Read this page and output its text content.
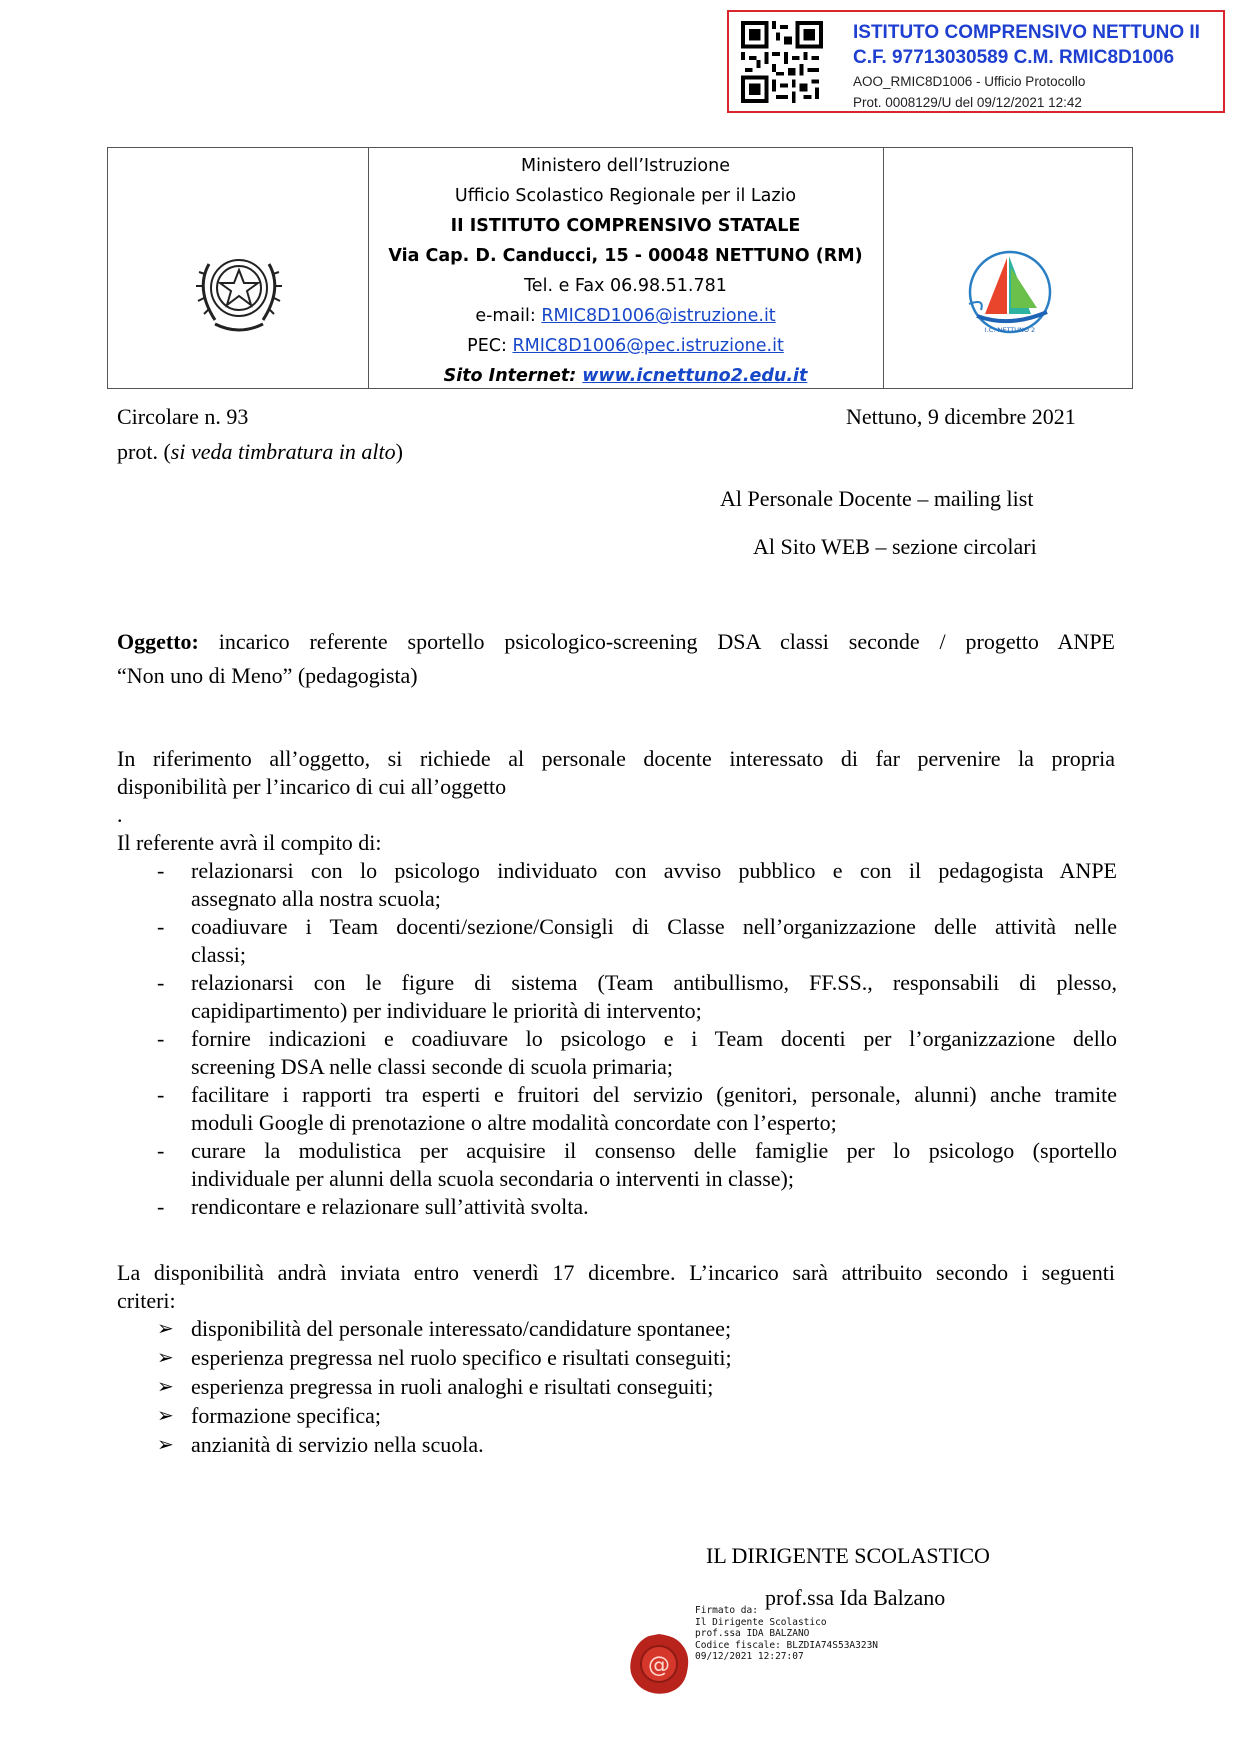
ISTITUTO COMPRENSIVO NETTUNO II
C.F. 97713030589 C.M. RMIC8D1006
AOO_RMIC8D1006 - Ufficio Protocollo
Prot. 0008129/U del 09/12/2021 12:42
Ministero dell’Istruzione
Ufficio Scolastico Regionale per il Lazio
II ISTITUTO COMPRENSIVO STATALE
Via Cap. D. Canducci, 15 - 00048 NETTUNO (RM)
Tel. e Fax 06.98.51.781
e-mail: RMIC8D1006@istruzione.it
PEC: RMIC8D1006@pec.istruzione.it
Sito Internet: www.icnettuno2.edu.it
I.C. NETTUNO 2
Circolare n. 93	Nettuno, 9 dicembre 2021
prot. (si veda timbratura in alto)
Al Personale Docente – mailing list
Al Sito WEB – sezione circolari
Oggetto: incarico referente sportello psicologico-screening DSA classi seconde / progetto ANPE
“Non uno di Meno” (pedagogista)
In riferimento all’oggetto, si richiede al personale docente interessato di far pervenire la propria
disponibilità per l’incarico di cui all’oggetto
.
Il referente avrà il compito di:
- relazionarsi con lo psicologo individuato con avviso pubblico e con il pedagogista ANPE
assegnato alla nostra scuola;
- coadiuvare i Team docenti/sezione/Consigli di Classe nell’organizzazione delle attività nelle
classi;
- relazionarsi con le figure di sistema (Team antibullismo, FF.SS., responsabili di plesso,
capidipartimento) per individuare le priorità di intervento;
- fornire indicazioni e coadiuvare lo psicologo e i Team docenti per l’organizzazione dello
screening DSA nelle classi seconde di scuola primaria;
- facilitare i rapporti tra esperti e fruitori del servizio (genitori, personale, alunni) anche tramite
moduli Google di prenotazione o altre modalità concordate con l’esperto;
- curare la modulistica per acquisire il consenso delle famiglie per lo psicologo (sportello
individuale per alunni della scuola secondaria o interventi in classe);
- rendicontare e relazionare sull’attività svolta.
La disponibilità andrà inviata entro venerdì 17 dicembre. L’incarico sarà attribuito secondo i seguenti
criteri:
➢ disponibilità del personale interessato/candidature spontanee;
➢ esperienza pregressa nel ruolo specifico e risultati conseguiti;
➢ esperienza pregressa in ruoli analoghi e risultati conseguiti;
➢ formazione specifica;
➢ anzianità di servizio nella scuola.
IL DIRIGENTE SCOLASTICO
prof.ssa Ida Balzano
@
Firmato da:
Il Dirigente Scolastico
prof.ssa IDA BALZANO
Codice fiscale: BLZDIA74S53A323N
09/12/2021 12:27:07
